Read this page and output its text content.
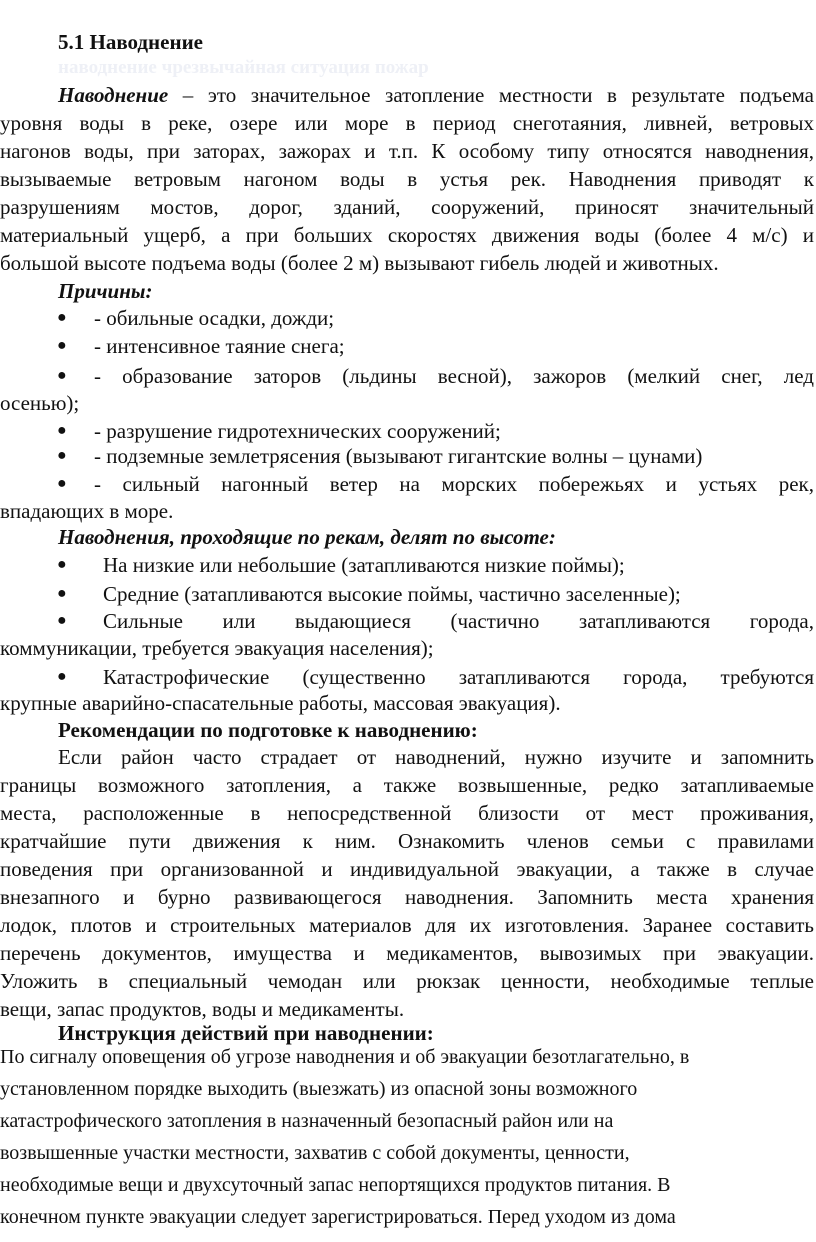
5.1 Наводнение
наводнение чрезвычайная ситуация пожар
Наводнение – это значительное затопление местности в результате подъема
уровня воды в реке, озере или море в период снеготаяния, ливней, ветровых
нагонов воды, при заторах, зажорах и т.п. К особому типу относятся наводнения,
вызываемые ветровым нагоном воды в устья рек. Наводнения приводят к
разрушениям мостов, дорог, зданий, сооружений, приносят значительный
материальный ущерб, а при больших скоростях движения воды (более 4 м/с) и
большой высоте подъема воды (более 2 м) вызывают гибель людей и животных.
Причины:
● - обильные осадки, дожди;
● - интенсивное таяние снега;
● - образование заторов (льдины весной), зажоров (мелкий снег, лед
осенью);
● - разрушение гидротехнических сооружений;
● - подземные землетрясения (вызывают гигантские волны – цунами)
● - сильный нагонный ветер на морских побережьях и устьях рек,
впадающих в море.
Наводнения, проходящие по рекам, делят по высоте:
● На низкие или небольшие (затапливаются низкие поймы);
● Средние (затапливаются высокие поймы, частично заселенные);
● Сильные или выдающиеся (частично затапливаются города,
коммуникации, требуется эвакуация населения);
● Катастрофические (существенно затапливаются города, требуются
крупные аварийно-спасательные работы, массовая эвакуация).
Рекомендации по подготовке к наводнению:
Если район часто страдает от наводнений, нужно изучите и запомнить
границы возможного затопления, а также возвышенные, редко затапливаемые
места, расположенные в непосредственной близости от мест проживания,
кратчайшие пути движения к ним. Ознакомить членов семьи с правилами
поведения при организованной и индивидуальной эвакуации, а также в случае
внезапного и бурно развивающегося наводнения. Запомнить места хранения
лодок, плотов и строительных материалов для их изготовления. Заранее составить
перечень документов, имущества и медикаментов, вывозимых при эвакуации.
Уложить в специальный чемодан или рюкзак ценности, необходимые теплые
вещи, запас продуктов, воды и медикаменты.
Инструкция действий при наводнении:
По сигналу оповещения об угрозе наводнения и об эвакуации безотлагательно, в
установленном порядке выходить (выезжать) из опасной зоны возможного
катастрофического затопления в назначенный безопасный район или на
возвышенные участки местности, захватив с собой документы, ценности,
необходимые вещи и двухсуточный запас непортящихся продуктов питания. В
конечном пункте эвакуации следует зарегистрироваться. Перед уходом из дома
